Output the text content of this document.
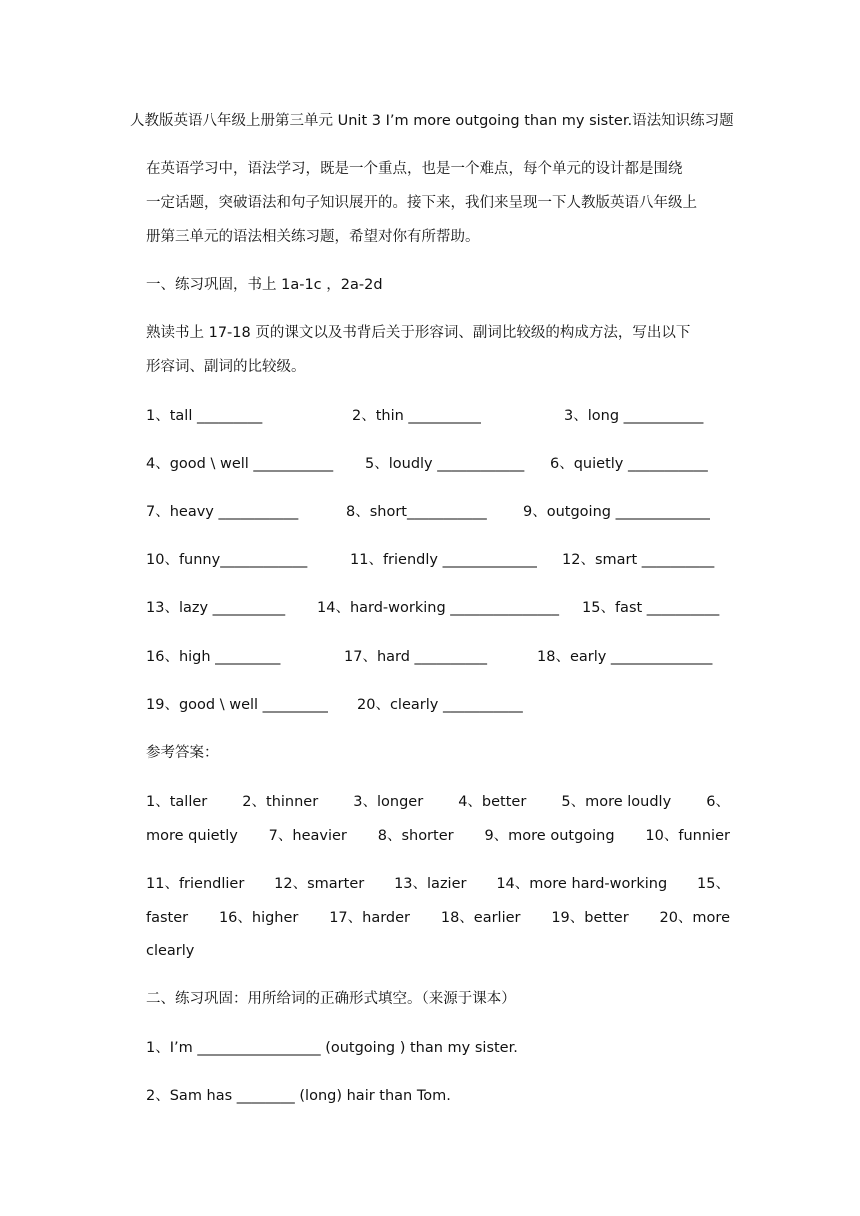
人教版英语八年级上册第三单元 Unit 3 I’m more outgoing than my sister.语法知识练习题
在英语学习中，语法学习，既是一个重点，也是一个难点，每个单元的设计都是围绕
一定话题，突破语法和句子知识展开的。接下来，我们来呈现一下人教版英语八年级上
册第三单元的语法相关练习题，希望对你有所帮助。
一、练习巩固，书上 1a-1c ，2a-2d
熟读书上 17-18 页的课文以及书背后关于形容词、副词比较级的构成方法，写出以下
形容词、副词的比较级。
1、tall _________	2、thin __________	3、long ___________
4、good \ well ___________ 5、loudly ____________ 6、quietly ___________
7、heavy ___________	8、short___________	9、outgoing _____________
10、funny____________	11、friendly _____________ 12、smart __________
13、lazy __________ 14、hard-working _______________ 15、fast __________
16、high _________	17、hard __________	18、early ______________
19、good \ well _________ 20、clearly ___________
参考答案：
1、taller 2、thinner 3、longer 4、better 5、more loudly 6、
more quietly 7、heavier 8、shorter 9、more outgoing 10、funnier
11、friendlier 12、smarter 13、lazier 14、more hard-working 15、
faster 16、higher 17、harder 18、earlier 19、better 20、more
clearly
二、练习巩固：用所给词的正确形式填空。（来源于课本）
1、I’m _________________ (outgoing ) than my sister.
2、Sam has ________ (long) hair than Tom.
